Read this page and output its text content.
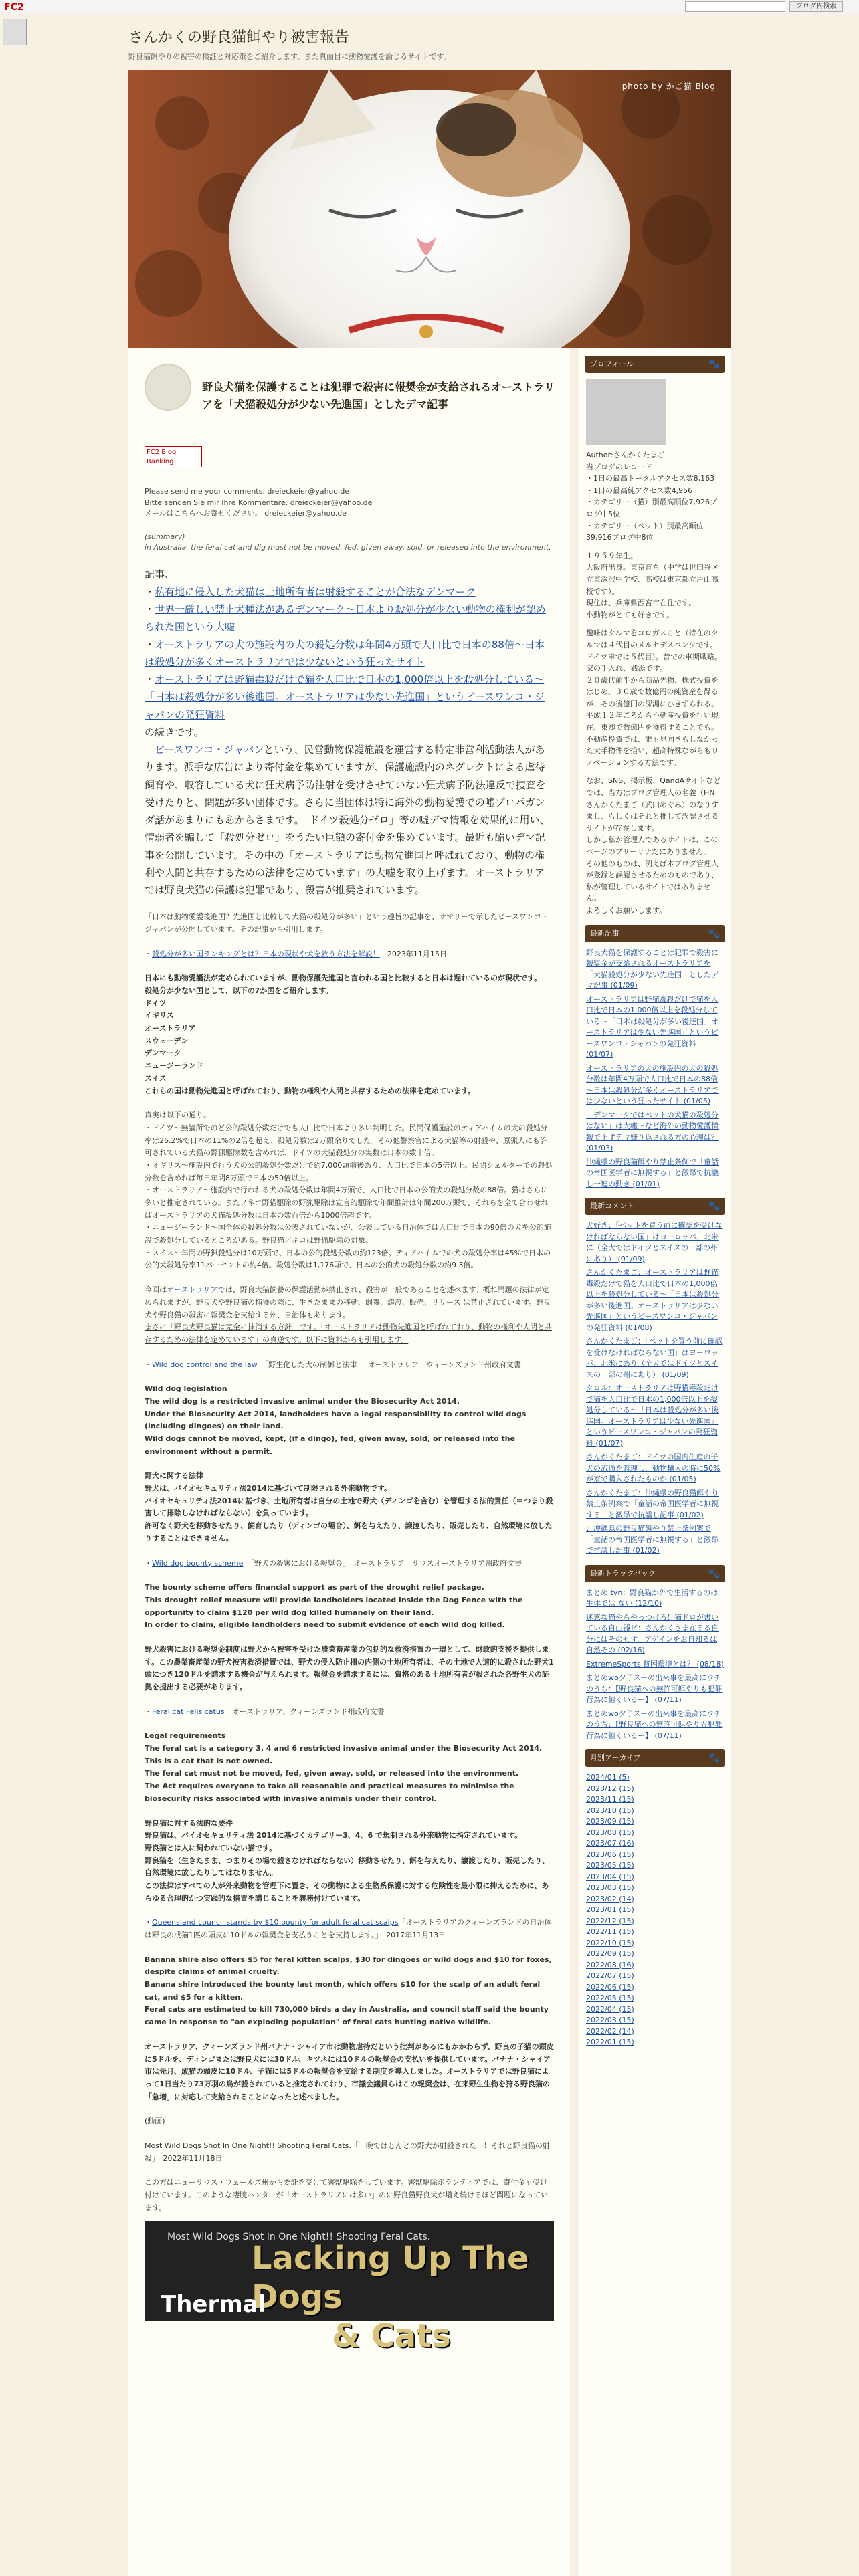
FC2	ブログ内検索
さんかくの野良猫餌やり被害報告

野良猫餌やりの被害の検証と対応策をご紹介します。また真面目に動物愛護を論じるサイトです。

photo by かご猫 Blog
野良犬猫を保護することは犯罪で殺害に報奨金が支給されるオーストラリアを「犬猫殺処分が少ない先進国」としたデマ記事
FC2 Blog Ranking
Please send me your comments. dreieckeier@yahoo.de
Bitte senden Sie mir Ihre Kommentare. dreieckeier@yahoo.de
メールはこちらへお寄せください。 dreieckeier@yahoo.de
(summary)
in Australia, the feral cat and dig must not be moved, fed, given away, sold, or released into the environment.
記事、
・私有地に侵入した犬猫は土地所有者は射殺することが合法なデンマーク
・世界一厳しい禁止犬種法があるデンマーク～日本より殺処分が少ない動物の権利が認められた国という大嘘
・オーストラリアの犬の施設内の犬の殺処分数は年間4万頭で人口比で日本の88倍～日本は殺処分が多くオーストラリアでは少ないという狂ったサイト
・オーストラリアは野猫毒殺だけで猫を人口比で日本の1,000倍以上を殺処分している～「日本は殺処分が多い後進国。オーストラリアは少ない先進国」というピースワンコ・ジャパンの発狂資料
の続きです。
　ピースワンコ・ジャパンという、民営動物保護施設を運営する特定非営利活動法人があります。派手な広告により寄付金を集めていますが、保護施設内のネグレクトによる虐待飼育や、収容している犬に狂犬病予防注射を受けさせていない狂犬病予防法違反で捜査を受けたりと、問題が多い団体です。さらに当団体は特に海外の動物愛護での嘘プロパガンダ話があまりにもあからさまです。「ドイツ殺処分ゼロ」等の嘘デマ情報を効果的に用い、情弱者を騙して「殺処分ゼロ」をうたい巨額の寄付金を集めています。最近も酷いデマ記事を公開しています。その中の「オーストラリアは動物先進国と呼ばれており、動物の権利や人間と共存するための法律を定めています」の大嘘を取り上げます。オーストラリアでは野良犬猫の保護は犯罪であり、殺害が推奨されています。
「日本は動物愛護後進国？先進国と比較して犬猫の殺処分が多い」という趣旨の記事を、サマリーで示したピースワンコ・ジャパンが公開しています。その記事から引用します。
・殺処分が多い国ランキングとは？日本の現状や犬を救う方法を解説！　 2023年11月15日
日本にも動物愛護法が定められていますが、動物保護先進国と言われる国と比較すると日本は遅れているのが現状です。
殺処分が少ない国として、以下の7か国をご紹介します。
ドイツ
イギリス
オーストラリア
スウェーデン
デンマーク
ニュージーランド
スイス
これらの国は動物先進国と呼ばれており、動物の権利や人間と共存するための法律を定めています。
真実は以下の通り。
・ドイツ～無論所でのど公的殺処分数だけでも人口比で日本より多い判明した。民間保護施設のティアハイムの犬の殺処分率は26.2%で日本の11%の2倍を超え、殺処分数は2万頭余りでした。その他警察官による犬猫等の射殺や、原猟人にも許可されている犬猫の野猟駆除数を含めれば、ドイツの犬猫殺処分の実数は日本の数十倍。
・イギリス～施設内で行う犬の公的殺処分数だけで約7,000頭前後あり、人口比で日本の5倍以上。民間シェルターでの殺処分数を含めれば毎日年間8万頭で日本の50倍以上。
・オーストラリア～施設内で行われる犬の殺処分数は年間4万頭で、人口比で日本の公的犬の殺処分数の88倍。猫はさらに多いと推定されている。またノネコ野猫駆除の野猟駆除は宣言的駆除で年間推計は年間200万頭で、それらを全て合わせればオーストラリアの犬猫殺処分数は日本の数百倍から1000倍超です。
・ニュージーランド～国全体の殺処分数は公表されていないが、公表している自治体では人口比で日本の90倍の犬を公的施設で殺処分しているところがある。野良猫／ネコは野猟駆除の対象。
・スイス～年間の野猟殺処分は10万頭で、日本の公的殺処分数の約123倍。ティアハイムでの犬の殺処分率は45%で日本の公的犬殺処分率11パーセントの約4倍。殺処分数は1,176頭で、日本の公的犬の殺処分数の約9.3倍。
今回はオーストラリアでは、野良犬猫飼養の保護活動が禁止され、殺害が一般であることを述べます。概ね問題の法律が定められますが、野良犬や野良猫の捕獲の際に、生きたままの移動、飼養、譲渡、販売、リリース は禁止されています。野良犬や野良猫の殺害に報奨金を支給する州、自治体もあります。
まさに「野良犬野良猫は完全に抹消する方針」です。「オーストラリアは動物先進国と呼ばれており、動物の権利や人間と共存するための法律を定めています」の真逆です。以下に資料からも引用します。
・Wild dog control and the law　 「野生化した犬の制御と法律」　オーストラリア　ウィーンズランド州政府文書
Wild dog legislation
The wild dog is a restricted invasive animal under the Biosecurity Act 2014.
Under the Biosecurity Act 2014, landholders have a legal responsibility to control wild dogs (including dingoes) on their land.
Wild dogs cannot be moved, kept, (if a dingo), fed, given away, sold, or released into the environment without a permit.
野犬に関する法律
野犬は、バイオセキュリティ法2014に基づいて制限される外来動物です。
バイオセキュリティ法2014に基づき、土地所有者は自分の土地で野犬（ディンゴを含む）を管理する法的責任（＝つまり殺害して排除しなければならない）を負っています。
許可なく野犬を移動させたり、飼育したり（ディンゴの場合）、餌を与えたり、譲渡したり、販売したり、自然環境に放したりすることはできません。
・Wild dog bounty scheme　 「野犬の殺害における報奨金」　オーストラリア　サウスオーストラリア州政府文書
The bounty scheme offers financial support as part of the drought relief package.
This drought relief measure will provide landholders located inside the Dog Fence with the opportunity to claim $120 per wild dog killed humanely on their land.
In order to claim, eligible landholders need to submit evidence of each wild dog killed.
野犬殺害における報奨金制度は野犬から被害を受けた農業畜産業の包括的な救済措置の一環として、財政的支援を提供します。この農業畜産業の野犬被害救済措置では、野犬の侵入防止柵の内側の土地所有者は、その土地で人道的に殺された野犬1頭につき120ドルを請求する機会が与えられます。報奨金を請求するには、資格のある土地所有者が殺された各野生犬の証拠を提出する必要があります。
・Feral cat Felis catus　 オーストラリア、クィーンズランド州政府文書
Legal requirements
The feral cat is a category 3, 4 and 6 restricted invasive animal under the Biosecurity Act 2014.
This is a cat that is not owned.
The feral cat must not be moved, fed, given away, sold, or released into the environment.
The Act requires everyone to take all reasonable and practical measures to minimise the biosecurity risks associated with invasive animals under their control.
野良猫に対する法的な要件
野良猫は、バイオセキュリティ法 2014に基づくカテゴリー3、4、6 で規制される外来動物に指定されています。
野良猫とは人に飼われていない猫です。
野良猫を（生きたまま、つまりその場で殺さなければならない）移動させたり、餌を与えたり、譲渡したり、販売したり、自然環境に放したりしてはなりません。
この法律はすべての人が外来動物を管理下に置き、その動物による生物系保護に対する危険性を最小限に抑えるために、あらゆる合理的かつ実践的な措置を講じることを義務付けています。
・Queensland council stands by $10 bounty for adult feral cat scalps「オーストラリアのクィーンズランドの自治体は野良の成猫1匹の頭皮に10ドルの報奨金を支払うことを支持します。」　2017年11月13日
Banana shire also offers $5 for feral kitten scalps, $30 for dingoes or wild dogs and $10 for foxes, despite claims of animal cruelty.
Banana shire introduced the bounty last month, which offers $10 for the scalp of an adult feral cat, and $5 for a kitten.
Feral cats are estimated to kill 730,000 birds a day in Australia, and council staff said the bounty came in response to "an exploding population" of feral cats hunting native wildlife.
オーストラリア、クィーンズランド州バナナ・シャイア市は動物虐待だという批判があるにもかかわらず、野良の子猫の頭皮に5ドルを、ディンゴまたは野良犬には30ドル、キツネには10ドルの報奨金の支払いを提供しています。バナナ・シャイア市は先月、成猫の頭皮に10ドル、子猫には5ドルの報奨金を支給する制度を導入しました。オーストラリアでは野良猫によって1日当たり73万羽の鳥が殺されていると推定されており、市議会議員らはこの報奨金は、在来野生生物を狩る野良猫の「急増」に対応して支給されることになったと述べました。
(動画)
Most Wild Dogs Shot In One Night!! Shooting Feral Cats.「一晩ではとんどの野犬が射殺された！！それと野良猫の射殺」　2022年11月18日
この方はニューサウス・ウェールズ州から委託を受けて害獣駆除をしています。害獣駆除ボランティアでは、寄付金も受け付けています。このような凄腕ハンターが「オーストラリアには多い」のに野良猫野良犬が増え続けるほど問題になっています。
Most Wild Dogs Shot In One Night!! Shooting Feral Cats.
Lacking Up The Dogs
& Cats
Thermal
プロフィール	🐾
Author:さんかくたまご
当ブログのレコード
・1日の最高トータルアクセス数8,163
・1日の最高純アクセス数4,956
・カテゴリー（猫）別最高順位7,926ブログ中5位
・カテゴリー（ペット）別最高順位39,916ブログ中8位
１９５９年生。
大阪府出身。東京育ち（中学は世田谷区立東深沢中学校、高校は東京都立戸山高校です）。
現住は、兵庫県西宮市在住です。
小動物がとても好きです。
趣味はクルマをコロガスこと（持在のクルマは４代目のメルセデスベンツです。ドイツ車では５代目）。昔での車期戦略。家の手入れ、銭湯です。
２０歳代前半から商品先物、株式投資をはじめ、３０歳で数億円の純資産を得るが、その後億円の深淵にひきずられる。
平成１２年ごろから不動産投資を行い現在、東郷で数億円を獲得することでも。
不動産投資では、誰も見向きもしなかった大手物件を拾い、超高特殊ながらもリノベーションする方法です。
なお、SNS、掲示板、QandAサイトなどでは、当方はブログ管理人の名義（HN　さんかくたまご（武田めぐみ）のなりすまし、もしくはそれと推して誤認させるサイトが存在します。
しかし私が管理人であるサイトは、このページのプリーリナだにありません。
その他のものは、例えば本ブログ管理人が登録と誤認させるためのものであり、私が管理しているサイトではありません。
よろしくお願いします。
最新記事	🐾
野良犬猫を保護することは犯罪で殺害に報奨金が支給されるオーストラリアを「犬猫殺処分が少ない先進国」としたデマ記事 (01/09)
オーストラリアは野猫毒殺だけで猫を人口比で日本の1,000倍以上を殺処分している～「日本は殺処分が多い後進国。オーストラリアは少ない先進国」というピースワンコ・ジャパンの発狂資料 (01/07)
オーストラリアの犬の施設内の犬の殺処分数は年間4万頭で人口比で日本の88倍～日本は殺処分が多くオーストラリアでは少ないという狂ったサイト (01/05)
「デンマークではペットの犬猫の殺処分はない」は大嘘～など海外の動物愛護情報で上ずテマ嫌り返される方の心理は？ (01/03)
沖縄県の野良猫餌やり禁止条例で「童話の帝国医学者に無視する」と激昂で抗議し一連の動き (01/01)
最新コメント	🐾
犬好き：「ペットを買う前に確認を受けなければならない国」はヨーロッパ、北米に（全犬ではドイツとスイスの一部の州にあり） (01/09)
さんかくたまご：オーストラリアは野猫毒殺だけで猫を人口比で日本の1,000倍以上を殺処分している～「日本は殺処分が多い後進国。オーストラリアは少ない先進国」というピースワンコ・ジャパンの発狂資料 (01/08)
さんかくたまご：「ペットを買う前に確認を受けなければならない国」はヨーロッパ、北米にあり（全犬ではドイツとスイスの一部の州にあり） (01/09)
クロル：オーストラリアは野猫毒殺だけで猫を人口比で日本の1,000倍以上を殺処分している～「日本は殺処分が多い後進国。オーストラリアは少ない先進国」というピースワンコ・ジャパンの発狂資料 (01/07)
さんかくたまご：ドイツの国内生産の子犬の流通を管理し、動物輸入の時に50%が家で購入されたものか (01/05)
さんかくたまご：沖縄県の野良猫餌やり禁止条例案で「童話の帝国医学者に無視する」と激昂で抗議し記事 (01/02)
：沖縄県の野良猫餌やり禁止条例案で「童話の帝国医学者に無視する」と激昂で抗議し記事 (01/02)
最新トラックバック	🐾
まとめ tyn：野良猫が外で生活するのは生体では ない (12/10)
迷惑な猫やらやっつけろ！猫ドロが書いている自由器ビ：さんかくさま在るる自分にはそのせず，アゲインをお自知るは自然その (02/16)
ExtremeSports 貧困環境とは？ (08/18)
まとめwo夕子スーの出来事を最高にウチのうち：【野良猫への無許可餌やりも犯罪行為に値くいるー】 (07/11)
まとめwo夕子スーの出来事を最高にウチのうち：【野良猫への無許可餌やりも犯罪行為に値くいるー】 (07/11)
月別アーカイブ	🐾
2024/01 (5)
2023/12 (15)
2023/11 (15)
2023/10 (15)
2023/09 (15)
2023/08 (15)
2023/07 (16)
2023/06 (15)
2023/05 (15)
2023/04 (15)
2023/03 (15)
2023/02 (14)
2023/01 (15)
2022/12 (15)
2022/11 (15)
2022/10 (15)
2022/09 (15)
2022/08 (16)
2022/07 (15)
2022/06 (15)
2022/05 (15)
2022/04 (15)
2022/03 (15)
2022/02 (14)
2022/01 (15)
